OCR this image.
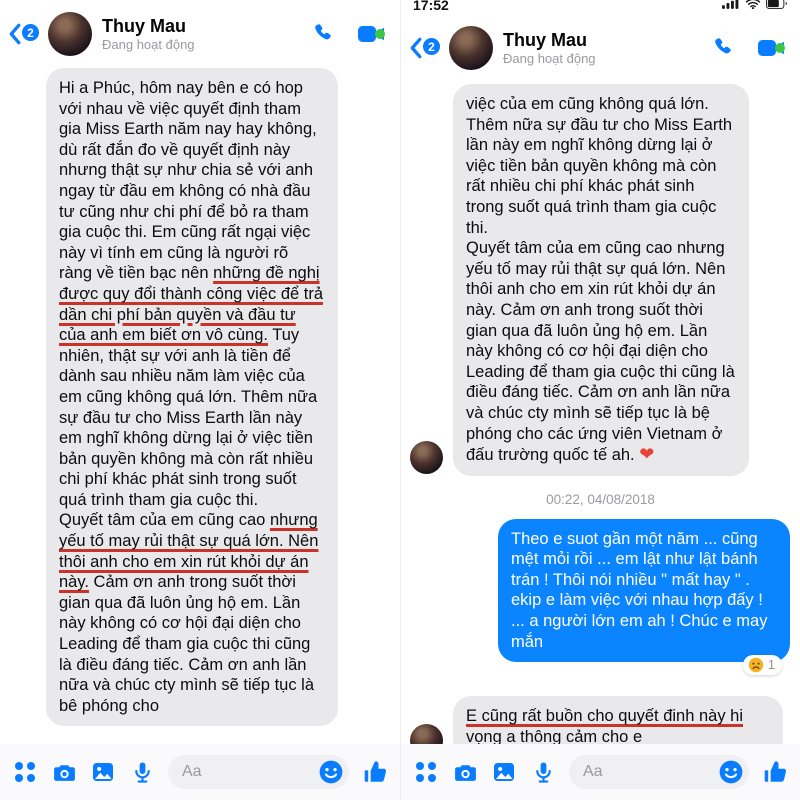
2	Thuy Mau
Đang hoạt động
Hi a Phúc, hôm nay bên e có hop với nhau về việc quyết định tham gia Miss Earth năm nay hay không, dù rất đắn đo về quyết định này nhưng thật sự như chia sẻ với anh ngay từ đầu em không có nhà đầu tư cũng như chi phí để bỏ ra tham gia cuộc thi. Em cũng rất ngại việc này vì tính em cũng là người rõ ràng về tiền bạc nên những đề nghị được quy đổi thành công việc để trả dần chi phí bản quyền và đầu tư của anh em biết ơn vô cùng. Tuy nhiên, thật sự với anh là tiền để dành sau nhiều năm làm việc của em cũng không quá lớn. Thêm nữa sự đầu tư cho Miss Earth lần này em nghĩ không dừng lại ở việc tiền bản quyền không mà còn rất nhiều chi phí khác phát sinh trong suốt quá trình tham gia cuộc thi.
Quyết tâm của em cũng cao nhưng yếu tố may rủi thật sự quá lớn. Nên thôi anh cho em xin rút khỏi dự án này. Cảm ơn anh trong suốt thời gian qua đã luôn ủng hộ em. Lần này không có cơ hội đại diện cho Leading để tham gia cuộc thi cũng là điều đáng tiếc. Cảm ơn anh lần nữa và chúc cty mình sẽ tiếp tục là bê phóng cho
Aa
17:52
2	Thuy Mau
Đang hoạt động
việc của em cũng không quá lớn. Thêm nữa sự đầu tư cho Miss Earth lần này em nghĩ không dừng lại ở việc tiền bản quyền không mà còn rất nhiều chi phí khác phát sinh trong suốt quá trình tham gia cuộc thi.
Quyết tâm của em cũng cao nhưng yếu tố may rủi thật sự quá lớn. Nên thôi anh cho em xin rút khỏi dự án này. Cảm ơn anh trong suốt thời gian qua đã luôn ủng hộ em. Lần này không có cơ hội đại diện cho Leading để tham gia cuộc thi cũng là điều đáng tiếc. Cảm ơn anh lần nữa và chúc cty mình sẽ tiếp tục là bệ phóng cho các ứng viên Vietnam ở đấu trường quốc tế ah. ❤
00:22, 04/08/2018
Theo e suot gần một năm ... cũng mệt mỏi rồi ... em lật như lật bánh trán ! Thôi nói nhiều " mất hay " . ekip e làm việc với nhau hợp đấy ! ... a người lớn em ah ! Chúc e may mắn
1
E cũng rất buồn cho quyết đinh này hi vọng a thông cảm cho e
Aa
